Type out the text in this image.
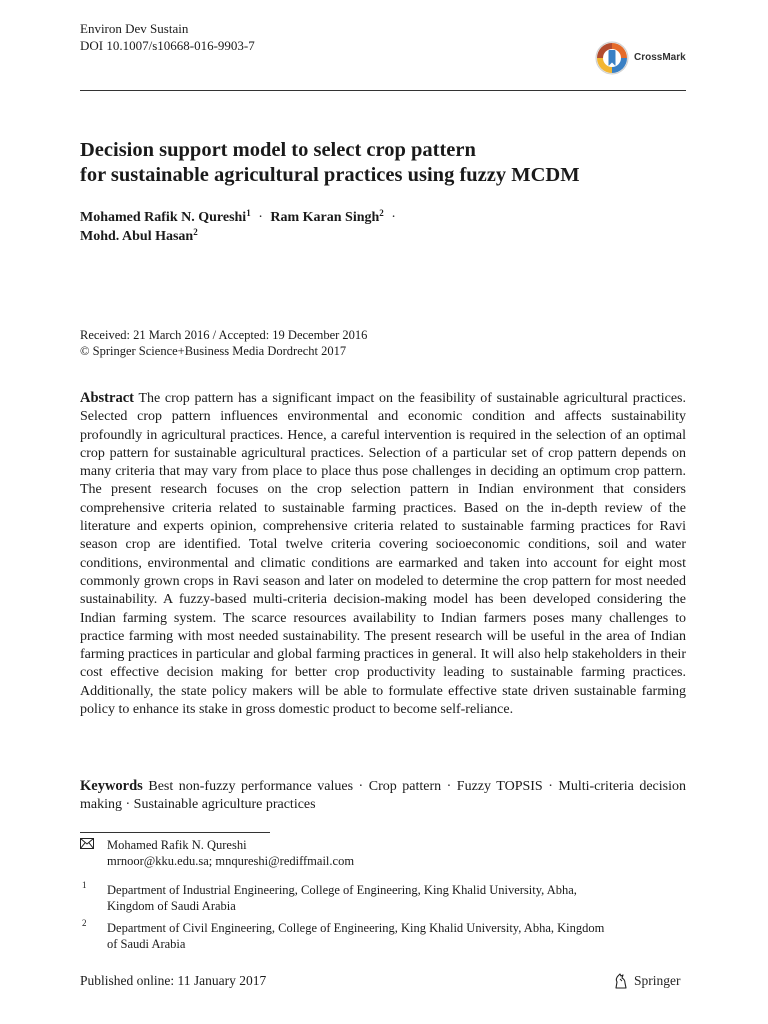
Environ Dev Sustain
DOI 10.1007/s10668-016-9903-7
CrossMark
Decision support model to select crop pattern
for sustainable agricultural practices using fuzzy MCDM
Mohamed Rafik N. Qureshi$^1$ · Ram Karan Singh$^2$ ·
Mohd. Abul Hasan$^2$
Received: 21 March 2016 / Accepted: 19 December 2016
© Springer Science+Business Media Dordrecht 2017

Abstract The crop pattern has a significant impact on the feasibility of sustainable agricultural practices. Selected crop pattern influences environmental and economic condition and affects sustainability profoundly in agricultural practices. Hence, a careful intervention is required in the selection of an optimal crop pattern for sustainable agricultural practices. Selection of a particular set of crop pattern depends on many criteria that may vary from place to place thus pose challenges in deciding an optimum crop pattern. The present research focuses on the crop selection pattern in Indian environment that considers comprehensive criteria related to sustainable farming practices. Based on the in-depth review of the literature and experts opinion, comprehensive criteria related to sustainable farming practices for Ravi season crop are identified. Total twelve criteria covering socioeconomic conditions, soil and water conditions, environmental and climatic conditions are earmarked and taken into account for eight most commonly grown crops in Ravi season and later on modeled to determine the crop pattern for most needed sustainability. A fuzzy-based multi-criteria decision-making model has been developed considering the Indian farming system. The scarce resources availability to Indian farmers poses many challenges to practice farming with most needed sustainability. The present research will be useful in the area of Indian farming practices in particular and global farming practices in general. It will also help stakeholders in their cost effective decision making for better crop productivity leading to sustainable farming practices. Additionally, the state policy makers will be able to formulate effective state driven sustainable farming policy to enhance its stake in gross domestic product to become self-reliance.

Keywords Best non-fuzzy performance values · Crop pattern · Fuzzy TOPSIS · Multi-criteria decision making · Sustainable agriculture practices

Mohamed Rafik N. Qureshi
mrnoor@kku.edu.sa; mnqureshi@rediffmail.com
1 Department of Industrial Engineering, College of Engineering, King Khalid University, Abha,
Kingdom of Saudi Arabia
2 Department of Civil Engineering, College of Engineering, King Khalid University, Abha, Kingdom
of Saudi Arabia
Published online: 11 January 2017	Springer
